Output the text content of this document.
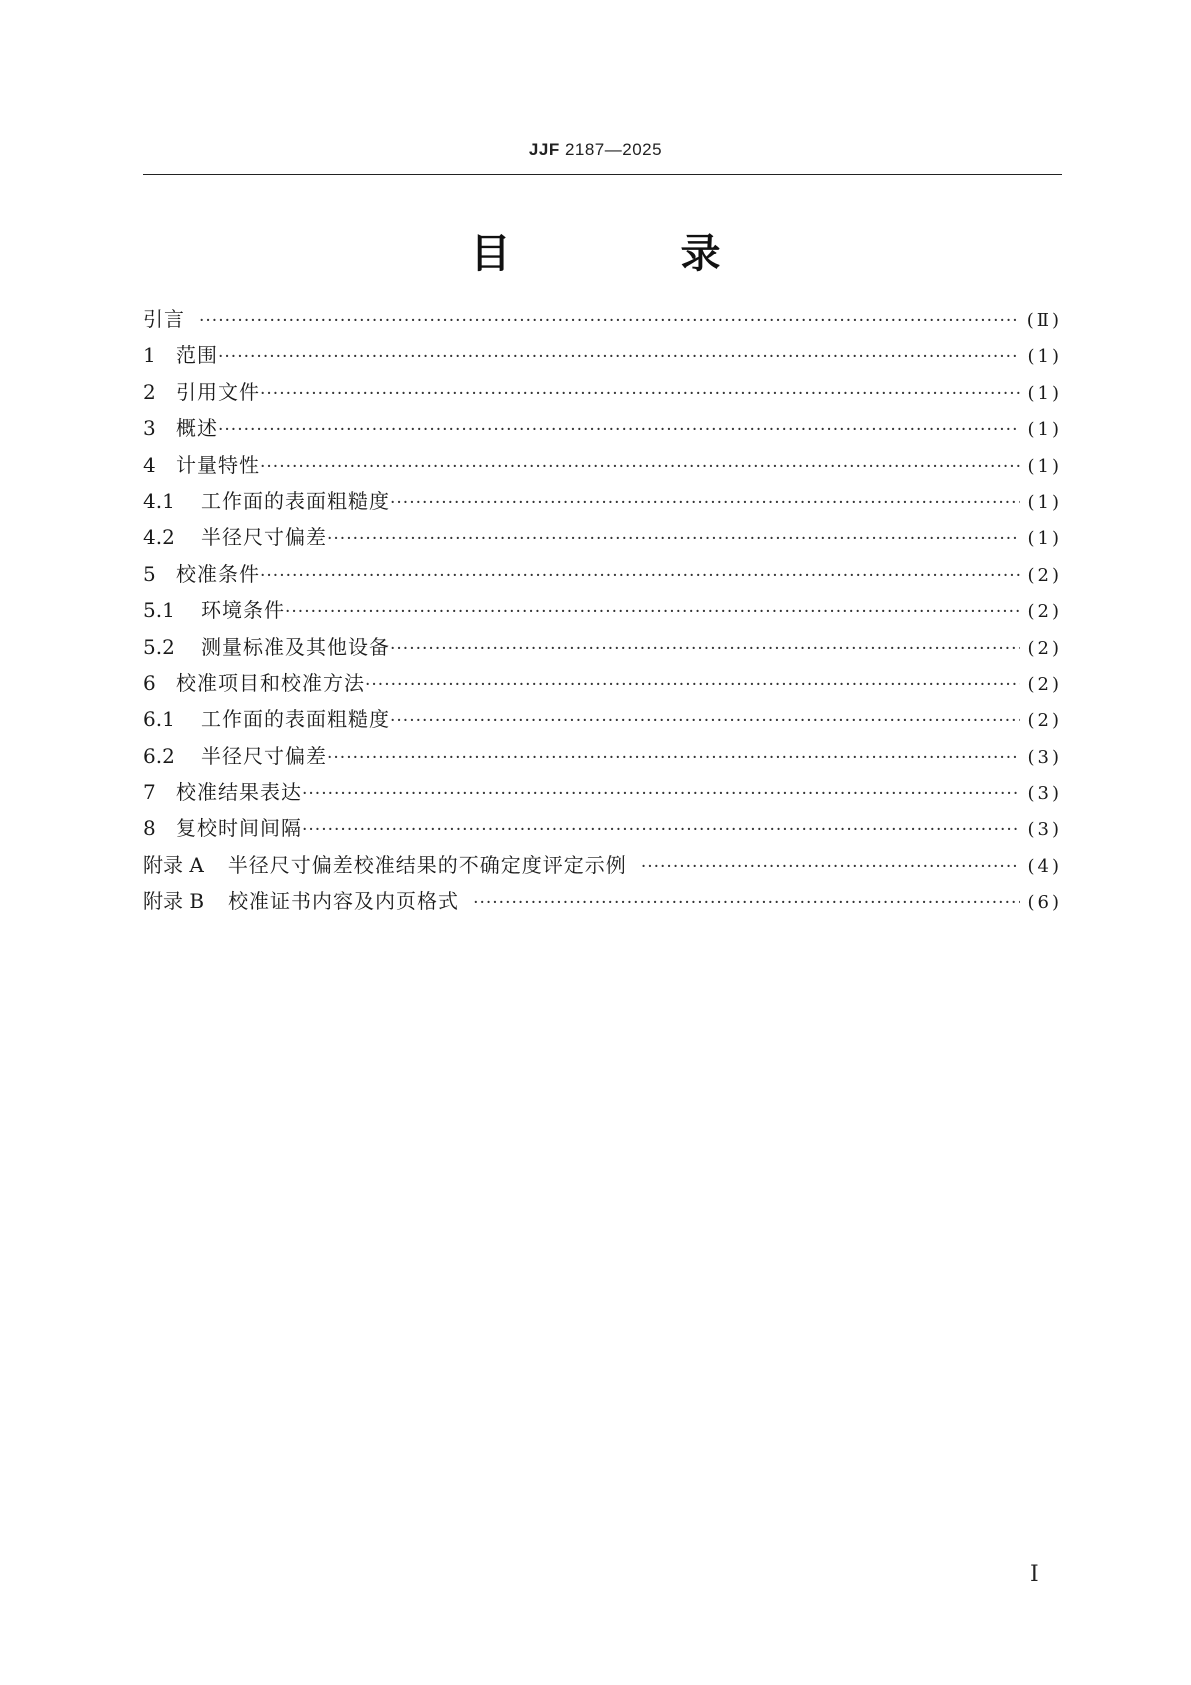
JJF 2187—2025
目 录
引言 ·····	(Ⅱ)
1 范围 ·····	(1)
2 引用文件 ·····	(1)
3 概述 ·····	(1)
4 计量特性 ·····	(1)
4.1	工作面的表面粗糙度 ·····	(1)
4.2	半径尺寸偏差 ·····	(1)
5 校准条件 ·····	(2)
5.1	环境条件 ·····	(2)
5.2	测量标准及其他设备 ·····	(2)
6 校准项目和校准方法 ·····	(2)
6.1	工作面的表面粗糙度 ·····	(2)
6.2	半径尺寸偏差 ·····	(3)
7 校准结果表达 ·····	(3)
8 复校时间间隔 ·····	(3)
附录 A 半径尺寸偏差校准结果的不确定度评定示例 ·····	(4)
附录 B 校准证书内容及内页格式 ·····	(6)
I
